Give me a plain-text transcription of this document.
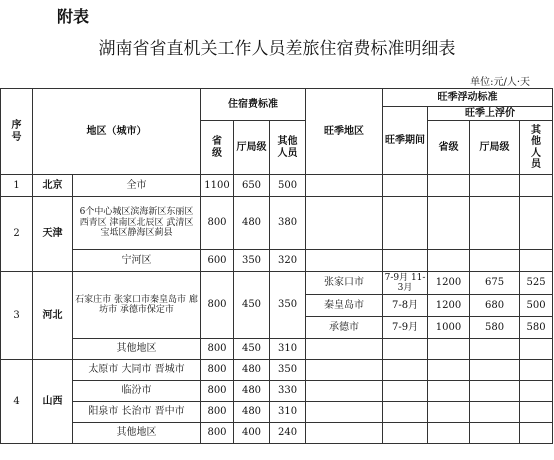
附表
湖南省省直机关工作人员差旅住宿费标准明细表
单位:元/人·天
序号	地区（城市）		住宿费标准			旺季地区	旺季浮动标准			
							旺季期间	旺季上浮价		
			省级	厅局级	其他人员			省级	厅局级	其他人员

1	北京	全市	1100	650	500					
2	天津	6个中心城区滨海新区东丽区 西青区 津南区北辰区 武清区 宝坻区静海区蓟县	800	480	380					
		宁河区	600	350	320					
3	河北	石家庄市 张家口市秦皇岛市 廊坊市 承德市保定市	800	450	350	张家口市	7-9月 11-3月	1200	675	525
						秦皇岛市	7-8月	1200	680	500
						承德市	7-9月	1000	580	580
		其他地区	800	450	310					
4	山西	太原市 大同市 晋城市	800	480	350					
		临汾市	800	480	330					
		阳泉市 长治市 晋中市	800	480	310					
		其他地区	800	400	240					
